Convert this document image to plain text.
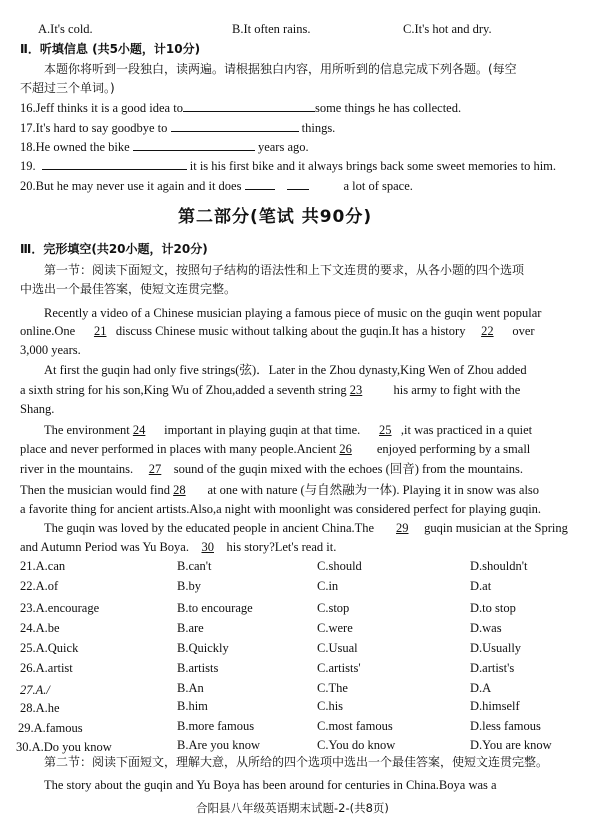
A.It's cold.	B.It often rains.	C.It's hot and dry.
Ⅱ．听填信息 (共5小题，计10分)
本题你将听到一段独白，读两遍。请根据独白内容，用所听到的信息完成下列各题。(每空
不超过三个单词。)
16.Jeff thinks it is a good idea to	some things he has collected.
17.It's hard to say goodbye to	things.
18.He owned the bike	years ago.
19.	it is his first bike and it always brings back some sweet memories to him.
20.But he may never use it again and it does	a lot of space.
第二部分(笔试 共90分)
Ⅲ．完形填空(共20小题，计20分)
第一节：阅读下面短文，按照句子结构的语法性和上下文连贯的要求，从各小题的四个选项
中选出一个最佳答案，使短文连贯完整。
Recently a video of a Chinese musician playing a famous piece of music on the guqin went popular
online.One 21 discuss Chinese music without talking about the guqin.It has a history 22 over
3,000 years.
At first the guqin had only five strings(弦)．Later in the Zhou dynasty,King Wen of Zhou added
a sixth string for his son,King Wu of Zhou,added a seventh string 23	his army to fight with the
Shang.
The environment 24 important in playing guqin at that time. 25 ,it was practiced in a quiet
place and never performed in places with many people.Ancient 26 enjoyed performing by a small
river in the mountains. 27 sound of the guqin mixed with the echoes (回音) from the mountains.
Then the musician would find 28 at one with nature (与自然融为一体). Playing it in snow was also
a favorite thing for ancient artists.Also,a night with moonlight was considered perfect for playing guqin.
The guqin was loved by the educated people in ancient China.The 29 guqin musician at the Spring
and Autumn Period was Yu Boya. 30 his story?Let's read it.
21.A.can	B.can't	C.should	D.shouldn't
22.A.of	B.by	C.in	D.at
23.A.encourage	B.to encourage	C.stop	D.to stop
24.A.be	B.are	C.were	D.was
25.A.Quick	B.Quickly	C.Usual	D.Usually
26.A.artist	B.artists	C.artists'	D.artist's
27.A./	B.An	C.The	D.A
28.A.he	B.him	C.his	D.himself
29.A.famous	B.more famous	C.most famous	D.less famous
30.A.Do you know	B.Are you know	C.You do know	D.You are know
第二节：阅读下面短文，理解大意，从所给的四个选项中选出一个最佳答案，使短文连贯完整。
The story about the guqin and Yu Boya has been around for centuries in China.Boya was a
合阳县八年级英语期末试题-2-(共8页)
